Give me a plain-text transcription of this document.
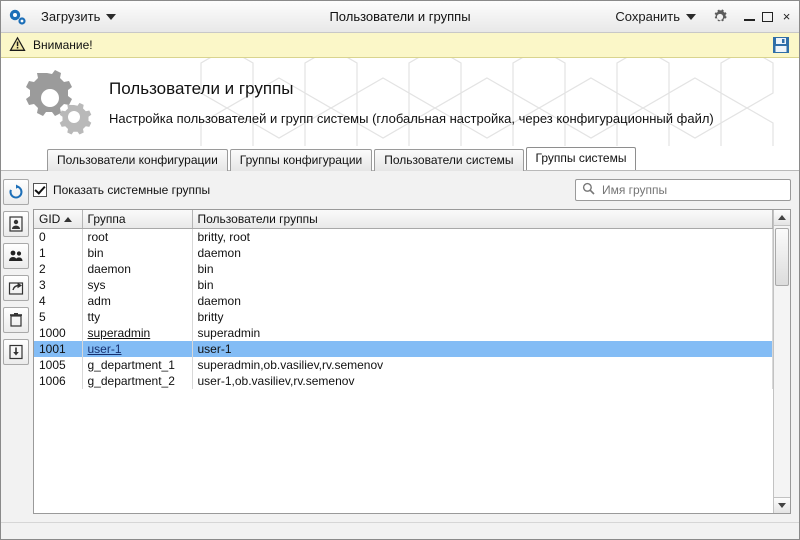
Загрузить	Пользователи и группы	Сохранить	×
Внимание!
Пользователи и группы
Настройка пользователей и групп системы (глобальная настройка, через конфигурационный файл)
Пользователи конфигурации	Группы конфигурации	Пользователи системы	Группы системы
Показать системные группы
Имя группы
GID	Группа	Пользователи группы
0	root	britty, root
1	bin	daemon
2	daemon	bin
3	sys	bin
4	adm	daemon
5	tty	britty
1000	superadmin	superadmin
1001	user-1	user-1
1005	g_department_1	superadmin,ob.vasiliev,rv.semenov
1006	g_department_2	user-1,ob.vasiliev,rv.semenov
